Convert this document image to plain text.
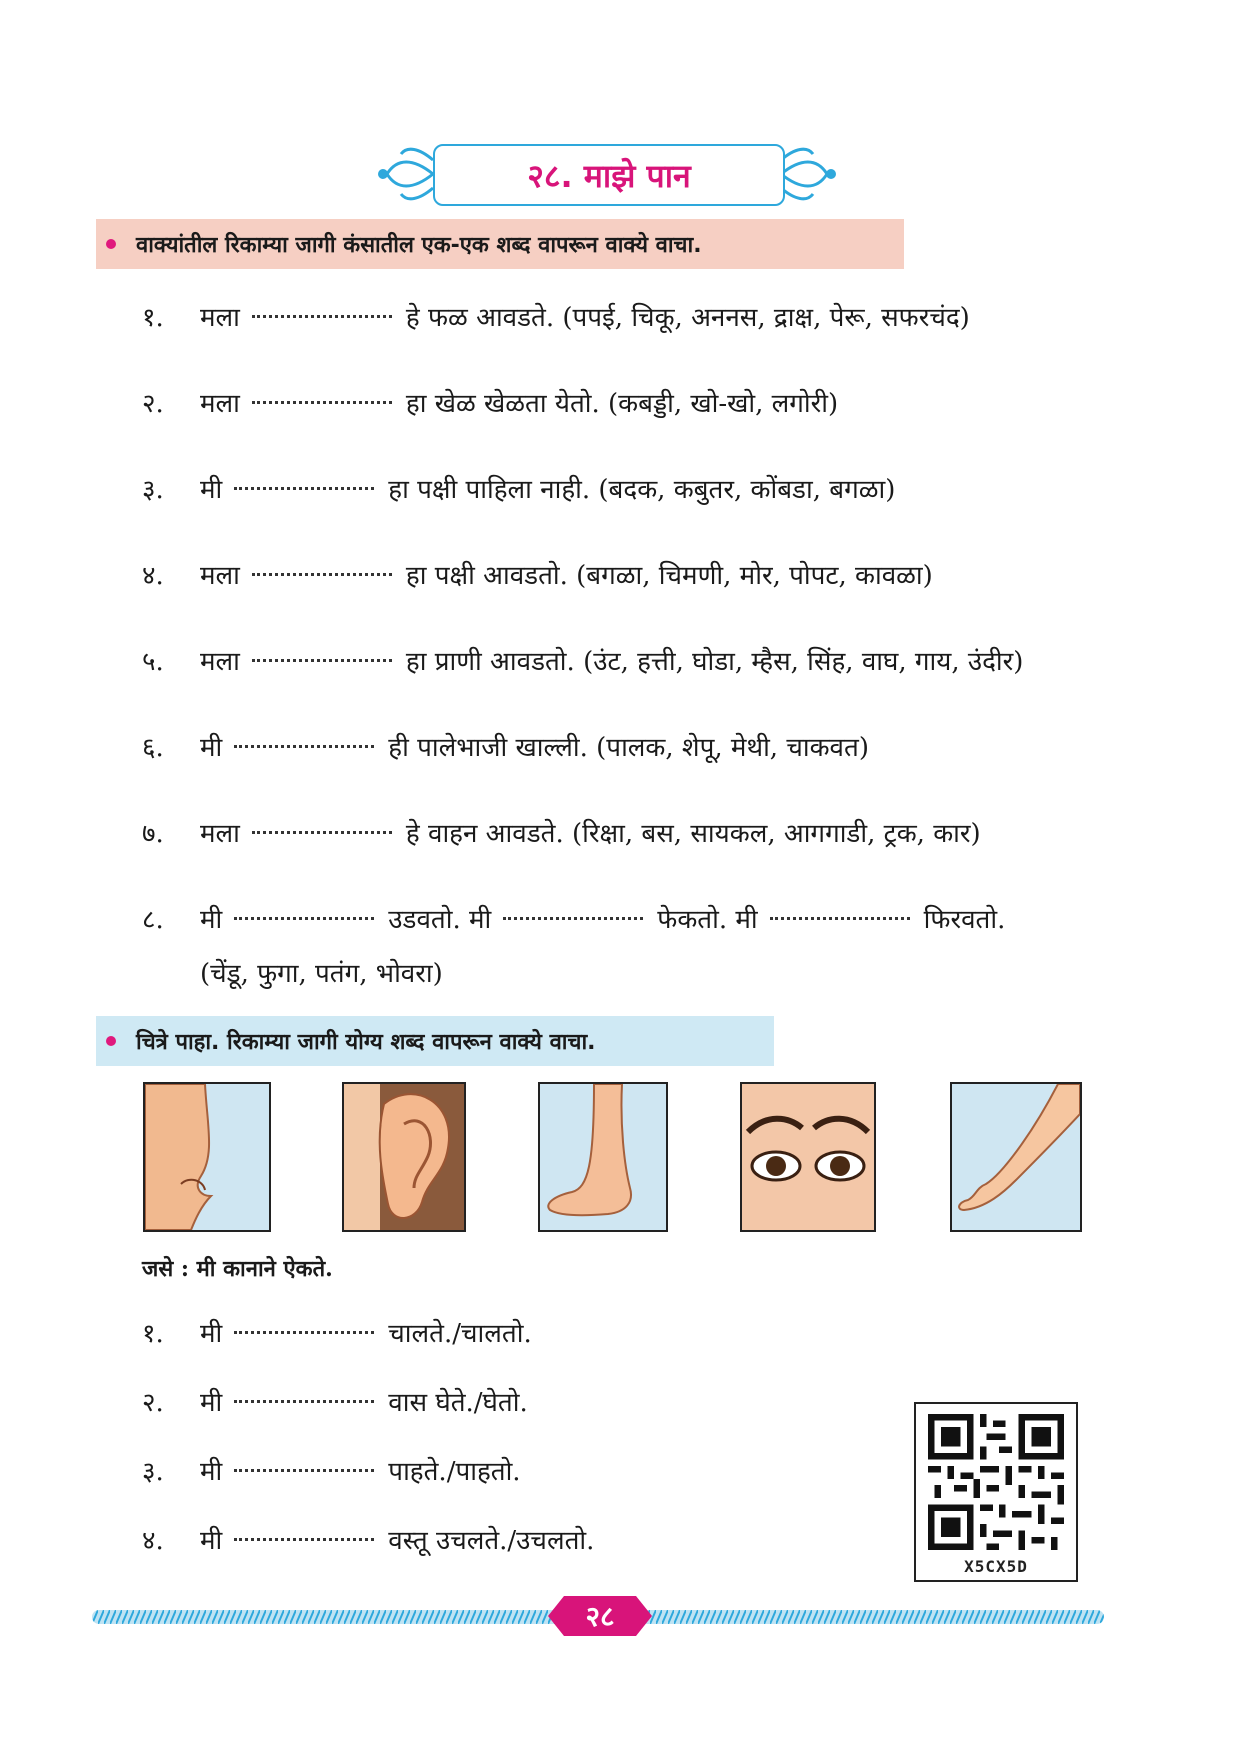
२८. माझे पान
वाक्यांतील रिकाम्या जागी कंसातील एक-एक शब्द वापरून वाक्ये वाचा.
१.	मला	हे फळ आवडते. (पपई, चिकू, अननस, द्राक्ष, पेरू, सफरचंद)
२.	मला	हा खेळ खेळता येतो. (कबड्डी, खो-खो, लगोरी)
३.	मी	हा पक्षी पाहिला नाही. (बदक, कबुतर, कोंबडा, बगळा)
४.	मला	हा पक्षी आवडतो. (बगळा, चिमणी, मोर, पोपट, कावळा)
५.	मला	हा प्राणी आवडतो. (उंट, हत्ती, घोडा, म्हैस, सिंह, वाघ, गाय, उंदीर)
६.	मी	ही पालेभाजी खाल्ली. (पालक, शेपू, मेथी, चाकवत)
७.	मला	हे वाहन आवडते. (रिक्षा, बस, सायकल, आगगाडी, ट्रक, कार)
८.	मी	उडवतो. मी	फेकतो. मी	फिरवतो.
(चेंडू, फुगा, पतंग, भोवरा)
चित्रे पाहा. रिकाम्या जागी योग्य शब्द वापरून वाक्ये वाचा.
जसे : मी कानाने ऐकते.
१.	मी	चालते./चालतो.
२.	मी	वास घेते./घेतो.
३.	मी	पाहते./पाहतो.
४.	मी	वस्तू उचलते./उचलतो.
X5CX5D
२८
